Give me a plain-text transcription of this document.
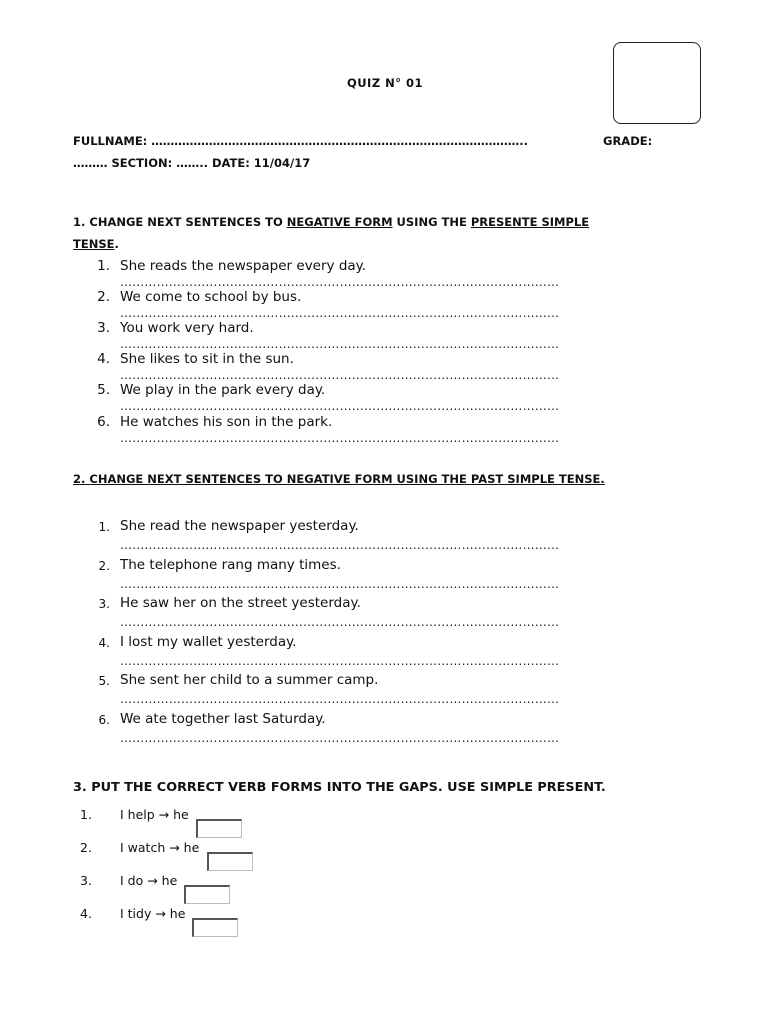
QUIZ N° 01
FULLNAME: ……………………………………………………………………………………..	GRADE:
……… SECTION: …….. DATE: 11/04/17
1. CHANGE NEXT SENTENCES TO NEGATIVE FORM USING THE PRESENTE SIMPLE
TENSE.
1. She reads the newspaper every day.
………………………………………………………………………………………………
2. We come to school by bus.
………………………………………………………………………………………………
3. You work very hard.
………………………………………………………………………………………………
4. She likes to sit in the sun.
………………………………………………………………………………………………
5. We play in the park every day.
………………………………………………………………………………………………
6. He watches his son in the park.
………………………………………………………………………………………………
2. CHANGE NEXT SENTENCES TO NEGATIVE FORM USING THE PAST SIMPLE TENSE.
1. She read the newspaper yesterday.
………………………………………………………………………………………………
2. The telephone rang many times.
………………………………………………………………………………………………
3. He saw her on the street yesterday.
………………………………………………………………………………………………
4. I lost my wallet yesterday.
………………………………………………………………………………………………
5. She sent her child to a summer camp.
………………………………………………………………………………………………
6. We ate together last Saturday.
………………………………………………………………………………………………
3. PUT THE CORRECT VERB FORMS INTO THE GAPS. USE SIMPLE PRESENT.
1. I help → he
2. I watch → he
3. I do → he
4. I tidy → he
